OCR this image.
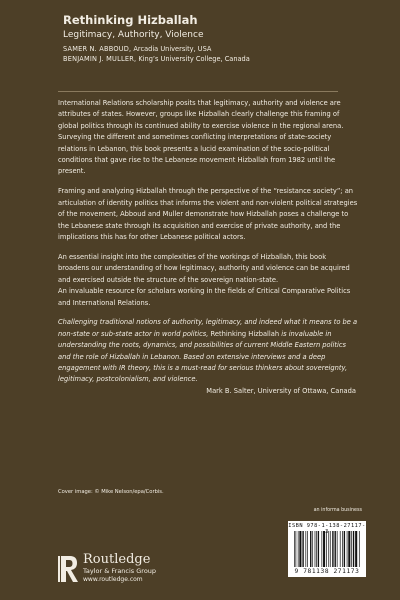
Rethinking Hizballah

Legitimacy, Authority, Violence

SAMER N. ABBOUD, Arcadia University, USA

BENJAMIN J. MULLER, King’s University College, Canada

International Relations scholarship posits that legitimacy, authority and violence are attributes of states. However, groups like Hizballah clearly challenge this framing of global politics through its continued ability to exercise violence in the regional arena. Surveying the different and sometimes conflicting interpretations of state-society relations in Lebanon, this book presents a lucid examination of the socio-political conditions that gave rise to the Lebanese movement Hizballah from 1982 until the present.

Framing and analyzing Hizballah through the perspective of the “resistance society”; an articulation of identity politics that informs the violent and non-violent political strategies of the movement, Abboud and Muller demonstrate how Hizballah poses a challenge to the Lebanese state through its acquisition and exercise of private authority, and the implications this has for other Lebanese political actors.

An essential insight into the complexities of the workings of Hizballah, this book broadens our understanding of how legitimacy, authority and violence can be acquired and exercised outside the structure of the sovereign nation-state.

An invaluable resource for scholars working in the fields of Critical Comparative Politics and International Relations.

Challenging traditional notions of authority, legitimacy, and indeed what it means to be a non-state or sub-state actor in world politics, Rethinking Hizballah is invaluable in understanding the roots, dynamics, and possibilities of current Middle Eastern politics and the role of Hizballah in Lebanon. Based on extensive interviews and a deep engagement with IR theory, this is a must-read for serious thinkers about sovereignty, legitimacy, postcolonialism, and violence.

Mark B. Salter, University of Ottawa, Canada

Cover image: © Mike Nelson/epa/Corbis.
an informa business
Routledge
Taylor & Francis Group
www.routledge.com
ISBN 978-1-138-27117-3
9 781138 271173
